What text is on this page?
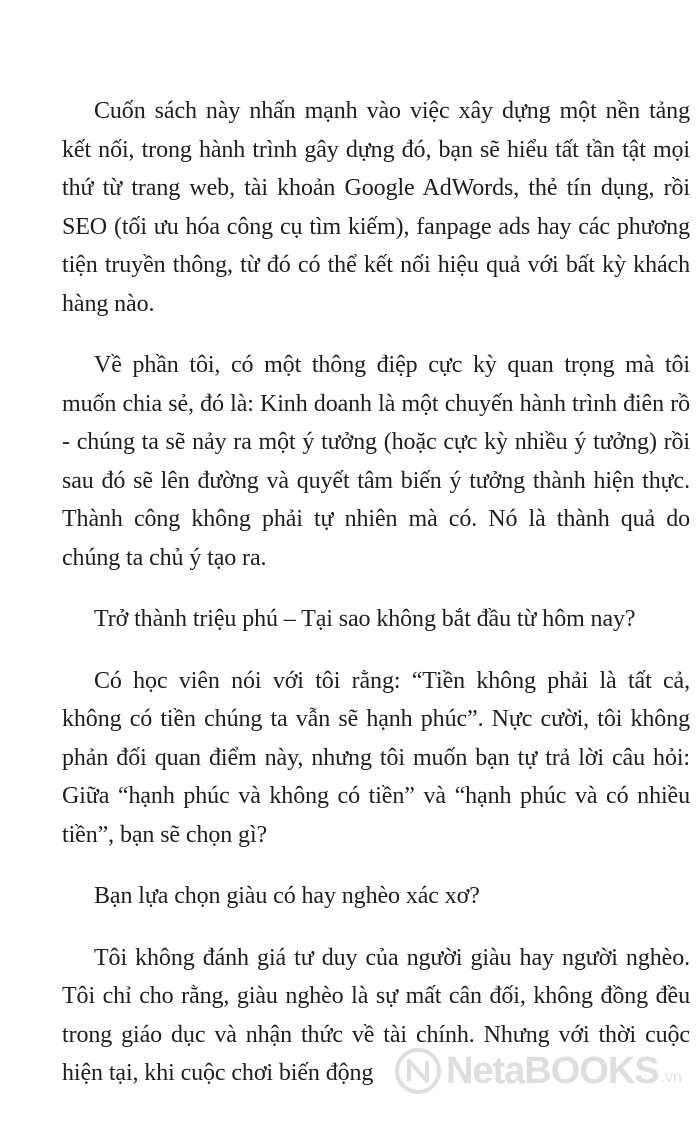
Cuốn sách này nhấn mạnh vào việc xây dựng một nền tảng kết nối, trong hành trình gây dựng đó, bạn sẽ hiểu tất tần tật mọi thứ từ trang web, tài khoản Google AdWords, thẻ tín dụng, rồi SEO (tối ưu hóa công cụ tìm kiếm), fanpage ads hay các phương tiện truyền thông, từ đó có thể kết nối hiệu quả với bất kỳ khách hàng nào.

Về phần tôi, có một thông điệp cực kỳ quan trọng mà tôi muốn chia sẻ, đó là: Kinh doanh là một chuyến hành trình điên rồ - chúng ta sẽ nảy ra một ý tưởng (hoặc cực kỳ nhiều ý tưởng) rồi sau đó sẽ lên đường và quyết tâm biến ý tưởng thành hiện thực. Thành công không phải tự nhiên mà có. Nó là thành quả do chúng ta chủ ý tạo ra.

Trở thành triệu phú – Tại sao không bắt đầu từ hôm nay?

Có học viên nói với tôi rằng: “Tiền không phải là tất cả, không có tiền chúng ta vẫn sẽ hạnh phúc”. Nực cười, tôi không phản đối quan điểm này, nhưng tôi muốn bạn tự trả lời câu hỏi: Giữa “hạnh phúc và không có tiền” và “hạnh phúc và có nhiều tiền”, bạn sẽ chọn gì?

Bạn lựa chọn giàu có hay nghèo xác xơ?

Tôi không đánh giá tư duy của người giàu hay người nghèo. Tôi chỉ cho rằng, giàu nghèo là sự mất cân đối, không đồng đều trong giáo dục và nhận thức về tài chính. Nhưng với thời cuộc hiện tại, khi cuộc chơi biến động	NetaBOOKS .vn
